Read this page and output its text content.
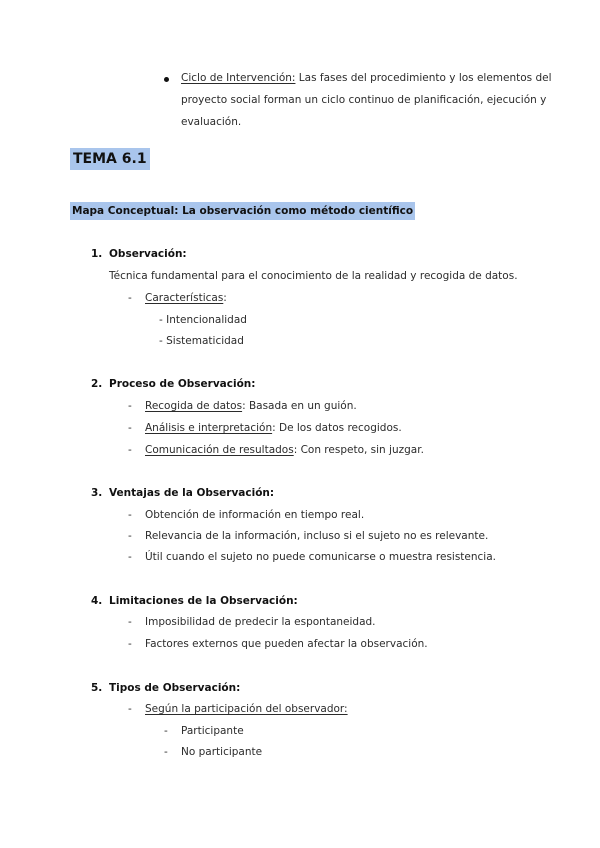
Ciclo de Intervención: Las fases del procedimiento y los elementos del
proyecto social forman un ciclo continuo de planificación, ejecución y
evaluación.
TEMA 6.1
Mapa Conceptual: La observación como método científico
1. Observación:
Técnica fundamental para el conocimiento de la realidad y recogida de datos.
- Características:
- Intencionalidad
- Sistematicidad
2. Proceso de Observación:
- Recogida de datos: Basada en un guión.
- Análisis e interpretación: De los datos recogidos.
- Comunicación de resultados: Con respeto, sin juzgar.
3. Ventajas de la Observación:
- Obtención de información en tiempo real.
- Relevancia de la información, incluso si el sujeto no es relevante.
- Útil cuando el sujeto no puede comunicarse o muestra resistencia.
4. Limitaciones de la Observación:
- Imposibilidad de predecir la espontaneidad.
- Factores externos que pueden afectar la observación.
5. Tipos de Observación:
- Según la participación del observador:
- Participante
- No participante
